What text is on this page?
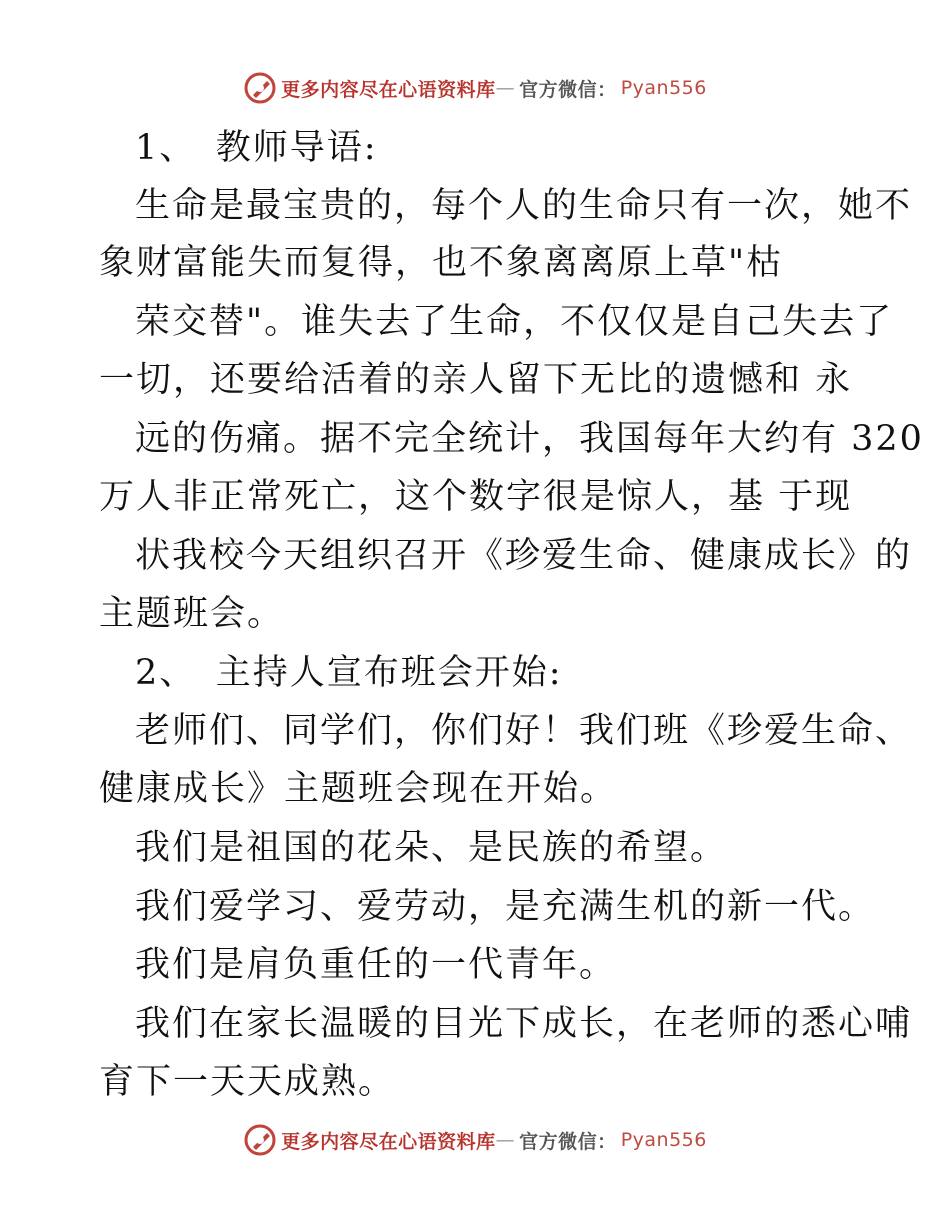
更多内容尽在心语资料库 — 官方微信： Pyan556
1、　教师导语:
生命是最宝贵的，每个人的生命只有一次，她不
象财富能失而复得，也不象离离原上草"枯
荣交替"。谁失去了生命，不仅仅是自己失去了
一切，还要给活着的亲人留下无比的遗憾和 永
远的伤痛。据不完全统计，我国每年大约有 320
万人非正常死亡，这个数字很是惊人，基 于现
状我校今天组织召开《珍爱生命、健康成长》的
主题班会。
2、　主持人宣布班会开始:
老师们、同学们，你们好！我们班《珍爱生命、
健康成长》主题班会现在开始。
我们是祖国的花朵、是民族的希望。
我们爱学习、爱劳动，是充满生机的新一代。
我们是肩负重任的一代青年。
我们在家长温暖的目光下成长，在老师的悉心哺
育下一天天成熟。
更多内容尽在心语资料库 — 官方微信： Pyan556
